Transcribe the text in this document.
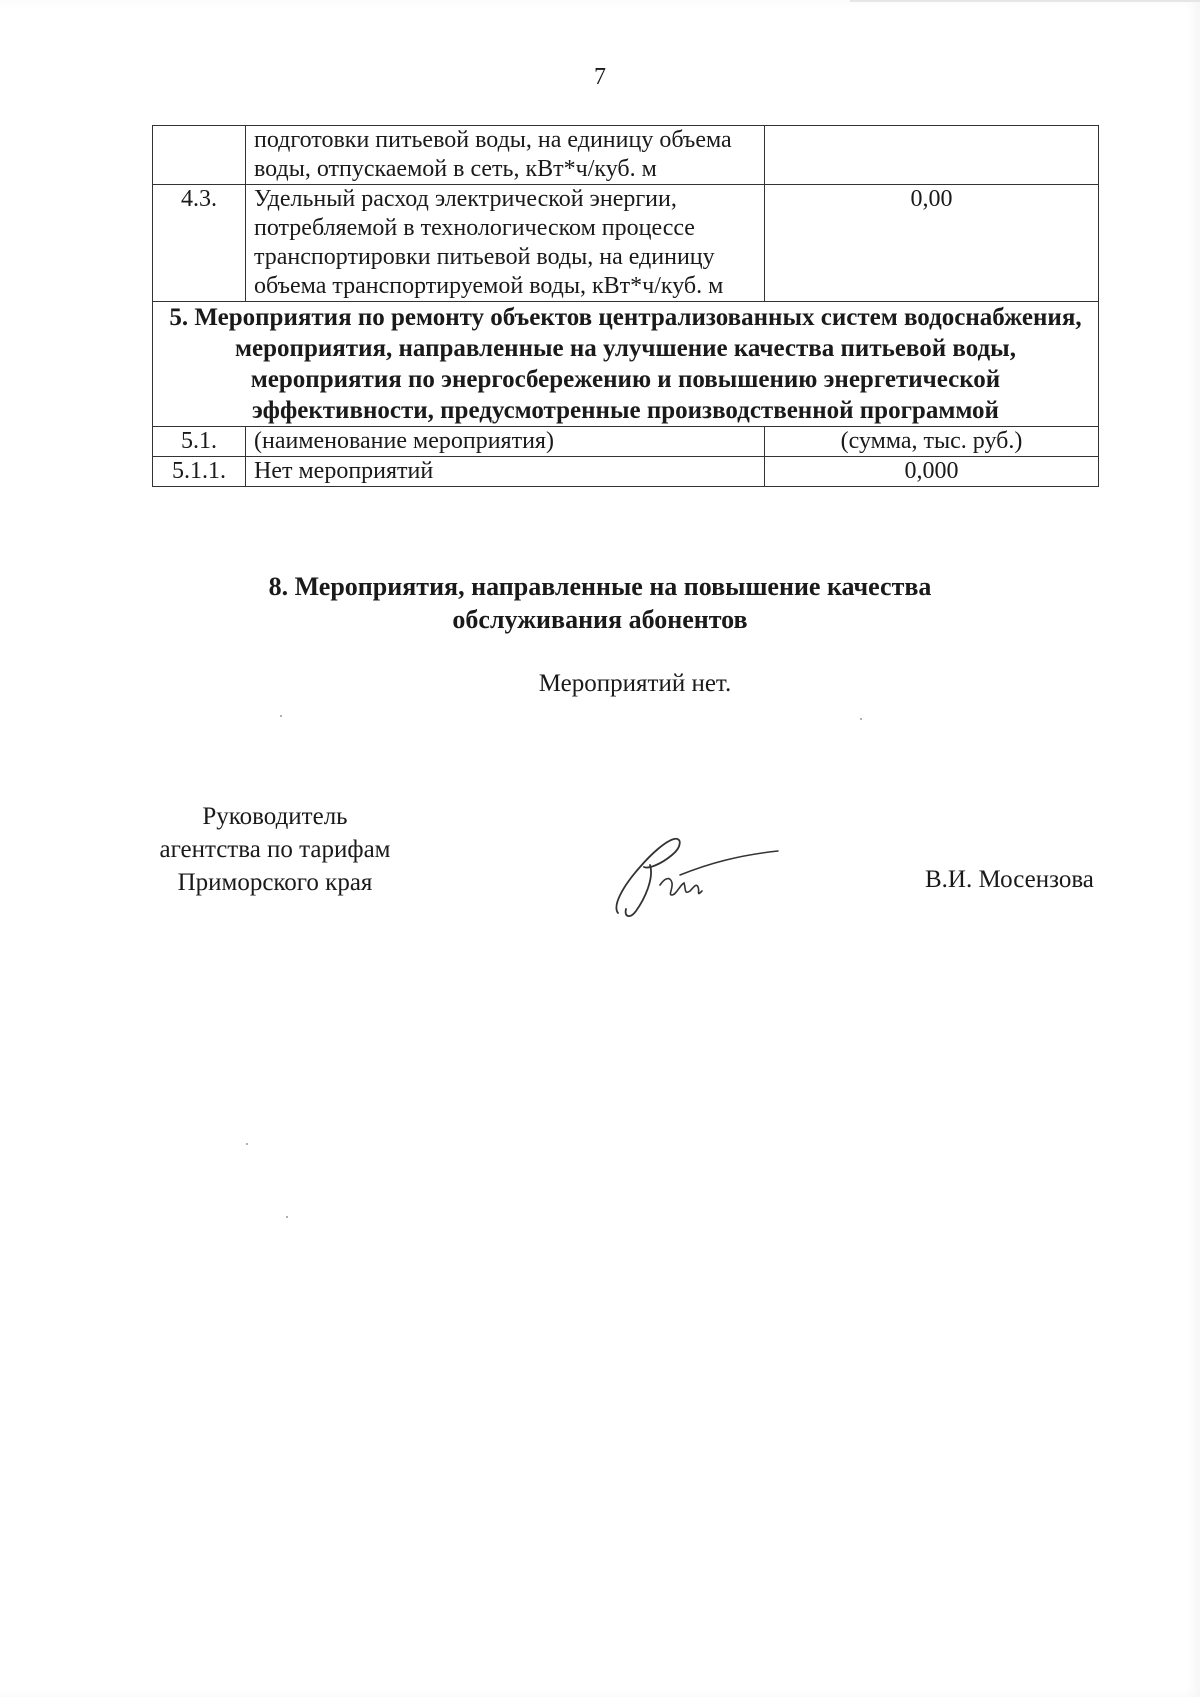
7
	подготовки питьевой воды, на единицу объема воды, отпускаемой в сеть, кВт*ч/куб. м	
4.3.	Удельный расход электрической энергии, потребляемой в технологическом процессе транспортировки питьевой воды, на единицу объема транспортируемой воды, кВт*ч/куб. м	0,00
5. Мероприятия по ремонту объектов централизованных систем водоснабжения, мероприятия, направленные на улучшение качества питьевой воды, мероприятия по энергосбережению и повышению энергетической эффективности, предусмотренные производственной программой		
5.1.	(наименование мероприятия)	(сумма, тыс. руб.)
5.1.1.	Нет мероприятий	0,000
8. Мероприятия, направленные на повышение качества
обслуживания абонентов
Мероприятий нет.
Руководитель
агентства по тарифам
Приморского края	В.И. Мосензова
